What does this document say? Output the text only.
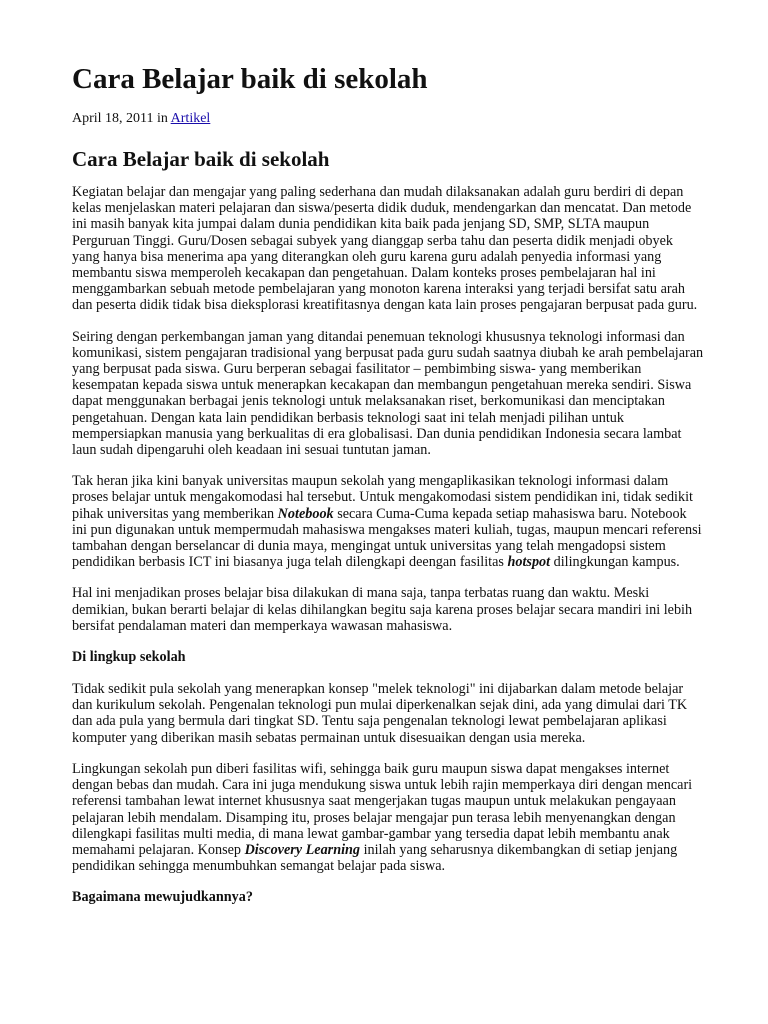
Cara Belajar baik di sekolah
April 18, 2011 in Artikel
Cara Belajar baik di sekolah

Kegiatan belajar dan mengajar yang paling sederhana dan mudah dilaksanakan adalah guru berdiri di depan kelas menjelaskan materi pelajaran dan siswa/peserta didik duduk, mendengarkan dan mencatat. Dan metode ini masih banyak kita jumpai dalam dunia pendidikan kita baik pada jenjang SD, SMP, SLTA maupun Perguruan Tinggi. Guru/Dosen sebagai subyek yang dianggap serba tahu dan peserta didik menjadi obyek yang hanya bisa menerima apa yang diterangkan oleh guru karena guru adalah penyedia informasi yang membantu siswa memperoleh kecakapan dan pengetahuan. Dalam konteks proses pembelajaran hal ini menggambarkan sebuah metode pembelajaran yang monoton karena interaksi yang terjadi bersifat satu arah dan peserta didik tidak bisa dieksplorasi kreatifitasnya dengan kata lain proses pengajaran berpusat pada guru.

Seiring dengan perkembangan jaman yang ditandai penemuan teknologi khususnya teknologi informasi dan komunikasi, sistem pengajaran tradisional yang berpusat pada guru sudah saatnya diubah ke arah pembelajaran yang berpusat pada siswa. Guru berperan sebagai fasilitator – pembimbing siswa- yang memberikan kesempatan kepada siswa untuk menerapkan kecakapan dan membangun pengetahuan mereka sendiri. Siswa dapat menggunakan berbagai jenis teknologi untuk melaksanakan riset, berkomunikasi dan menciptakan pengetahuan. Dengan kata lain pendidikan berbasis teknologi saat ini telah menjadi pilihan untuk mempersiapkan manusia yang berkualitas di era globalisasi. Dan dunia pendidikan Indonesia secara lambat laun sudah dipengaruhi oleh keadaan ini sesuai tuntutan jaman.

Tak heran jika kini banyak universitas maupun sekolah yang mengaplikasikan teknologi informasi dalam proses belajar untuk mengakomodasi hal tersebut. Untuk mengakomodasi sistem pendidikan ini, tidak sedikit pihak universitas yang memberikan Notebook secara Cuma-Cuma kepada setiap mahasiswa baru. Notebook ini pun digunakan untuk mempermudah mahasiswa mengakses materi kuliah, tugas, maupun mencari referensi tambahan dengan berselancar di dunia maya, mengingat untuk universitas yang telah mengadopsi sistem pendidikan berbasis ICT ini biasanya juga telah dilengkapi deengan fasilitas hotspot dilingkungan kampus.

Hal ini menjadikan proses belajar bisa dilakukan di mana saja, tanpa terbatas ruang dan waktu. Meski demikian, bukan berarti belajar di kelas dihilangkan begitu saja karena proses belajar secara mandiri ini lebih bersifat pendalaman materi dan memperkaya wawasan mahasiswa.

Di lingkup sekolah

Tidak sedikit pula sekolah yang menerapkan konsep "melek teknologi" ini dijabarkan dalam metode belajar dan kurikulum sekolah. Pengenalan teknologi pun mulai diperkenalkan sejak dini, ada yang dimulai dari TK dan ada pula yang bermula dari tingkat SD. Tentu saja pengenalan teknologi lewat pembelajaran aplikasi komputer yang diberikan masih sebatas permainan untuk disesuaikan dengan usia mereka.

Lingkungan sekolah pun diberi fasilitas wifi, sehingga baik guru maupun siswa dapat mengakses internet dengan bebas dan mudah. Cara ini juga mendukung siswa untuk lebih rajin memperkaya diri dengan mencari referensi tambahan lewat internet khususnya saat mengerjakan tugas maupun untuk melakukan pengayaan pelajaran lebih mendalam. Disamping itu, proses belajar mengajar pun terasa lebih menyenangkan dengan dilengkapi fasilitas multi media, di mana lewat gambar-gambar yang tersedia dapat lebih membantu anak memahami pelajaran. Konsep Discovery Learning inilah yang seharusnya dikembangkan di setiap jenjang pendidikan sehingga menumbuhkan semangat belajar pada siswa.

Bagaimana mewujudkannya?
